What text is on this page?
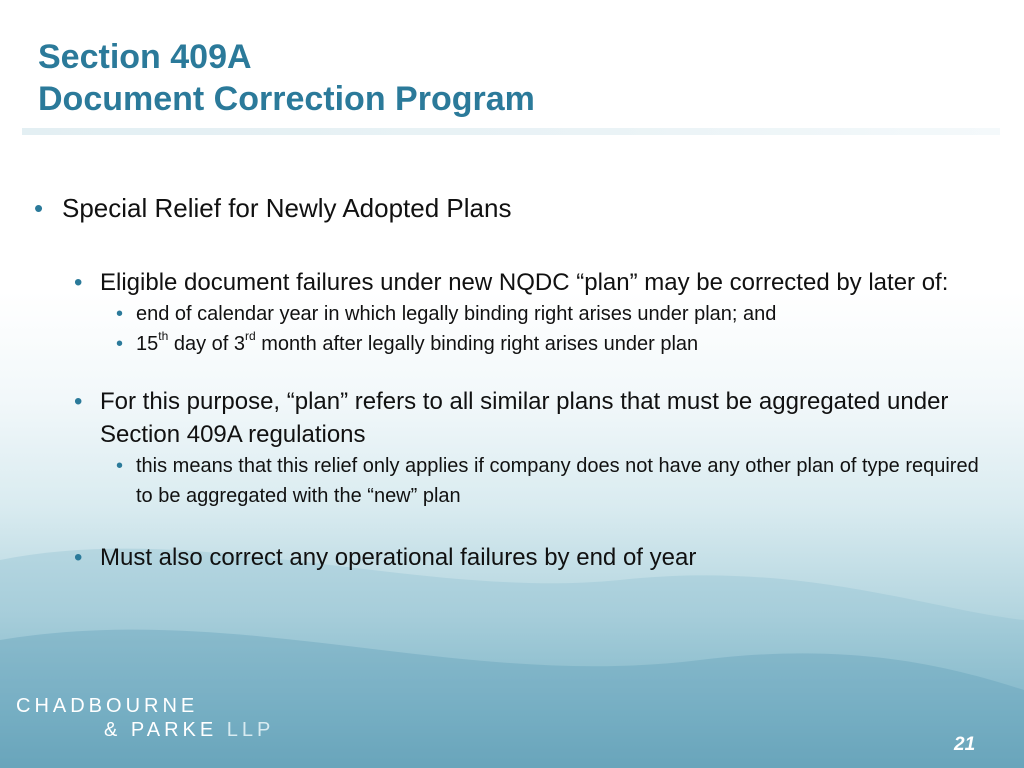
Section 409A
Document Correction Program
• Special Relief for Newly Adopted Plans
• Eligible document failures under new NQDC “plan” may be corrected by later of:
• end of calendar year in which legally binding right arises under plan; and
• 15th day of 3rd month after legally binding right arises under plan
• For this purpose, “plan” refers to all similar plans that must be aggregated under Section 409A regulations
• this means that this relief only applies if company does not have any other plan of type required to be aggregated with the “new” plan
• Must also correct any operational failures by end of year
CHADBOURNE
& PARKE LLP
21
